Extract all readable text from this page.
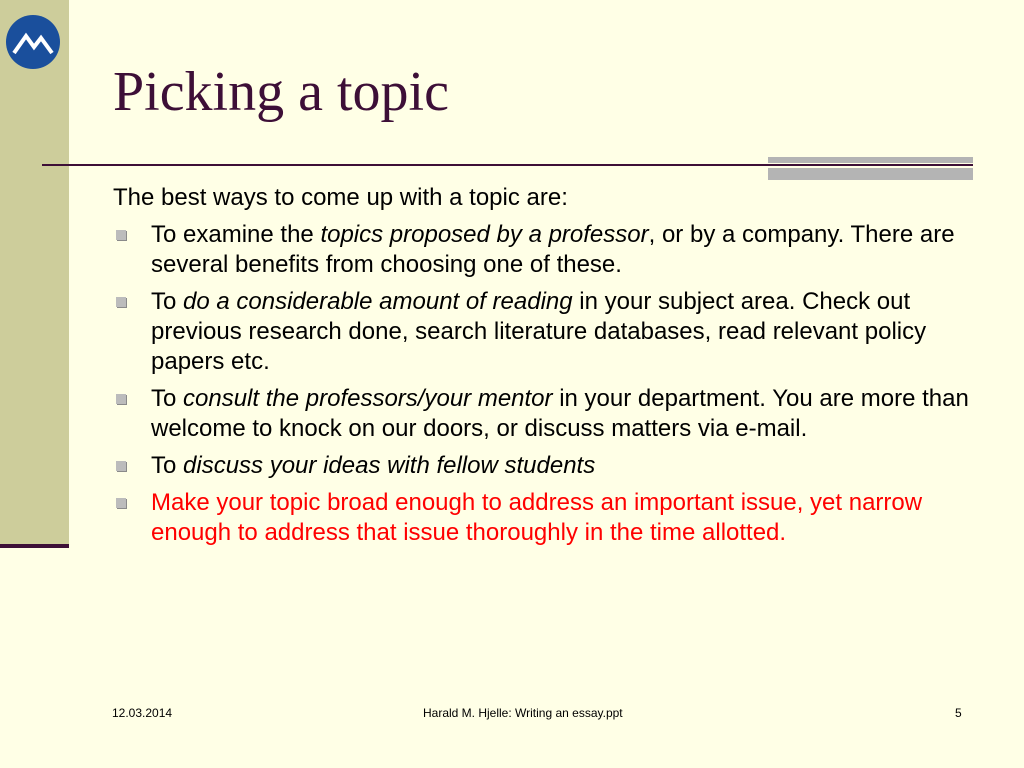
Picking a topic

The best ways to come up with a topic are:

To examine the topics proposed by a professor, or by a company. There are several benefits from choosing one of these.
To do a considerable amount of reading in your subject area. Check out previous research done, search literature databases, read relevant policy papers etc.
To consult the professors/your mentor in your department. You are more than welcome to knock on our doors, or discuss matters via e-mail.
To discuss your ideas with fellow students
Make your topic broad enough to address an important issue, yet narrow enough to address that issue thoroughly in the time allotted.
12.03.2014	Harald M. Hjelle: Writing an essay.ppt	5
